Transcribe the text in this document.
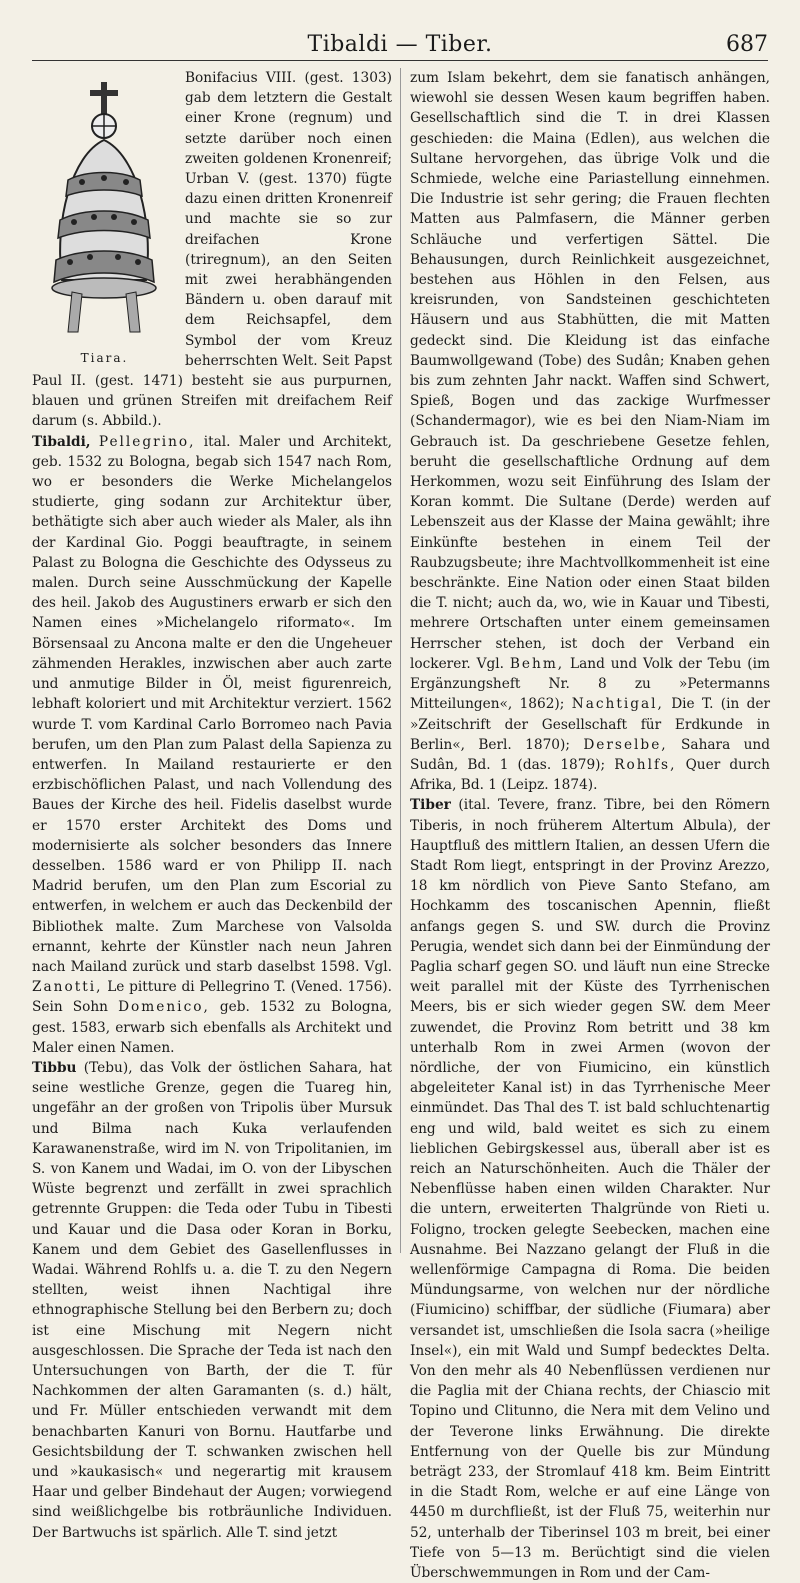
Tibaldi — Tiber.	687
Tiara.

Bonifacius VIII. (gest. 1303) gab dem letztern die Gestalt einer Krone (regnum) und setzte darüber noch einen zweiten goldenen Kronenreif; Urban V. (gest. 1370) fügte dazu einen dritten Kronenreif und machte sie so zur dreifachen Krone (triregnum), an den Seiten mit zwei herabhängenden Bändern u. oben darauf mit dem Reichsapfel, dem Symbol der vom Kreuz beherrschten Welt. Seit Papst Paul II. (gest. 1471) besteht sie aus purpurnen, blauen und grünen Streifen mit dreifachem Reif darum (s. Abbild.).

Tibaldi, Pellegrino, ital. Maler und Architekt, geb. 1532 zu Bologna, begab sich 1547 nach Rom, wo er besonders die Werke Michelangelos studierte, ging sodann zur Architektur über, bethätigte sich aber auch wieder als Maler, als ihn der Kardinal Gio. Poggi beauftragte, in seinem Palast zu Bologna die Geschichte des Odysseus zu malen. Durch seine Ausschmückung der Kapelle des heil. Jakob des Augustiners erwarb er sich den Namen eines »Michelangelo riformato«. Im Börsensaal zu Ancona malte er den die Ungeheuer zähmenden Herakles, inzwischen aber auch zarte und anmutige Bilder in Öl, meist figurenreich, lebhaft koloriert und mit Architektur verziert. 1562 wurde T. vom Kardinal Carlo Borromeo nach Pavia berufen, um den Plan zum Palast della Sapienza zu entwerfen. In Mailand restaurierte er den erzbischöflichen Palast, und nach Vollendung des Baues der Kirche des heil. Fidelis daselbst wurde er 1570 erster Architekt des Doms und modernisierte als solcher besonders das Innere desselben. 1586 ward er von Philipp II. nach Madrid berufen, um den Plan zum Escorial zu entwerfen, in welchem er auch das Deckenbild der Bibliothek malte. Zum Marchese von Valsolda ernannt, kehrte der Künstler nach neun Jahren nach Mailand zurück und starb daselbst 1598. Vgl. Zanotti, Le pitture di Pellegrino T. (Vened. 1756). Sein Sohn Domenico, geb. 1532 zu Bologna, gest. 1583, erwarb sich ebenfalls als Architekt und Maler einen Namen.

Tibbu (Tebu), das Volk der östlichen Sahara, hat seine westliche Grenze, gegen die Tuareg hin, ungefähr an der großen von Tripolis über Mursuk und Bilma nach Kuka verlaufenden Karawanenstraße, wird im N. von Tripolitanien, im S. von Kanem und Wadai, im O. von der Libyschen Wüste begrenzt und zerfällt in zwei sprachlich getrennte Gruppen: die Teda oder Tubu in Tibesti und Kauar und die Dasa oder Koran in Borku, Kanem und dem Gebiet des Gasellenflusses in Wadai. Während Rohlfs u. a. die T. zu den Negern stellten, weist ihnen Nachtigal ihre ethnographische Stellung bei den Berbern zu; doch ist eine Mischung mit Negern nicht ausgeschlossen. Die Sprache der Teda ist nach den Untersuchungen von Barth, der die T. für Nachkommen der alten Garamanten (s. d.) hält, und Fr. Müller entschieden verwandt mit dem benachbarten Kanuri von Bornu. Hautfarbe und Gesichtsbildung der T. schwanken zwischen hell und »kaukasisch« und negerartig mit krausem Haar und gelber Bindehaut der Augen; vorwiegend sind weißlichgelbe bis rotbräunliche Individuen. Der Bartwuchs ist spärlich. Alle T. sind jetzt

zum Islam bekehrt, dem sie fanatisch anhängen, wiewohl sie dessen Wesen kaum begriffen haben. Gesellschaftlich sind die T. in drei Klassen geschieden: die Maina (Edlen), aus welchen die Sultane hervorgehen, das übrige Volk und die Schmiede, welche eine Pariastellung einnehmen. Die Industrie ist sehr gering; die Frauen flechten Matten aus Palmfasern, die Männer gerben Schläuche und verfertigen Sättel. Die Behausungen, durch Reinlichkeit ausgezeichnet, bestehen aus Höhlen in den Felsen, aus kreisrunden, von Sandsteinen geschichteten Häusern und aus Stabhütten, die mit Matten gedeckt sind. Die Kleidung ist das einfache Baumwollgewand (Tobe) des Sudân; Knaben gehen bis zum zehnten Jahr nackt. Waffen sind Schwert, Spieß, Bogen und das zackige Wurfmesser (Schandermagor), wie es bei den Niam-Niam im Gebrauch ist. Da geschriebene Gesetze fehlen, beruht die gesellschaftliche Ordnung auf dem Herkommen, wozu seit Einführung des Islam der Koran kommt. Die Sultane (Derde) werden auf Lebenszeit aus der Klasse der Maina gewählt; ihre Einkünfte bestehen in einem Teil der Raubzugsbeute; ihre Machtvollkommenheit ist eine beschränkte. Eine Nation oder einen Staat bilden die T. nicht; auch da, wo, wie in Kauar und Tibesti, mehrere Ortschaften unter einem gemeinsamen Herrscher stehen, ist doch der Verband ein lockerer. Vgl. Behm, Land und Volk der Tebu (im Ergänzungsheft Nr. 8 zu »Petermanns Mitteilungen«, 1862); Nachtigal, Die T. (in der »Zeitschrift der Gesellschaft für Erdkunde in Berlin«, Berl. 1870); Derselbe, Sahara und Sudân, Bd. 1 (das. 1879); Rohlfs, Quer durch Afrika, Bd. 1 (Leipz. 1874).

Tiber (ital. Tevere, franz. Tibre, bei den Römern Tiberis, in noch früherem Altertum Albula), der Hauptfluß des mittlern Italien, an dessen Ufern die Stadt Rom liegt, entspringt in der Provinz Arezzo, 18 km nördlich von Pieve Santo Stefano, am Hochkamm des toscanischen Apennin, fließt anfangs gegen S. und SW. durch die Provinz Perugia, wendet sich dann bei der Einmündung der Paglia scharf gegen SO. und läuft nun eine Strecke weit parallel mit der Küste des Tyrrhenischen Meers, bis er sich wieder gegen SW. dem Meer zuwendet, die Provinz Rom betritt und 38 km unterhalb Rom in zwei Armen (wovon der nördliche, der von Fiumicino, ein künstlich abgeleiteter Kanal ist) in das Tyrrhenische Meer einmündet. Das Thal des T. ist bald schluchtenartig eng und wild, bald weitet es sich zu einem lieblichen Gebirgskessel aus, überall aber ist es reich an Naturschönheiten. Auch die Thäler der Nebenflüsse haben einen wilden Charakter. Nur die untern, erweiterten Thalgründe von Rieti u. Foligno, trocken gelegte Seebecken, machen eine Ausnahme. Bei Nazzano gelangt der Fluß in die wellenförmige Campagna di Roma. Die beiden Mündungsarme, von welchen nur der nördliche (Fiumicino) schiffbar, der südliche (Fiumara) aber versandet ist, umschließen die Isola sacra (»heilige Insel«), ein mit Wald und Sumpf bedecktes Delta. Von den mehr als 40 Nebenflüssen verdienen nur die Paglia mit der Chiana rechts, der Chiascio mit Topino und Clitunno, die Nera mit dem Velino und der Teverone links Erwähnung. Die direkte Entfernung von der Quelle bis zur Mündung beträgt 233, der Stromlauf 418 km. Beim Eintritt in die Stadt Rom, welche er auf eine Länge von 4450 m durchfließt, ist der Fluß 75, weiterhin nur 52, unterhalb der Tiberinsel 103 m breit, bei einer Tiefe von 5—13 m. Berüchtigt sind die vielen Überschwemmungen in Rom und der Cam-
